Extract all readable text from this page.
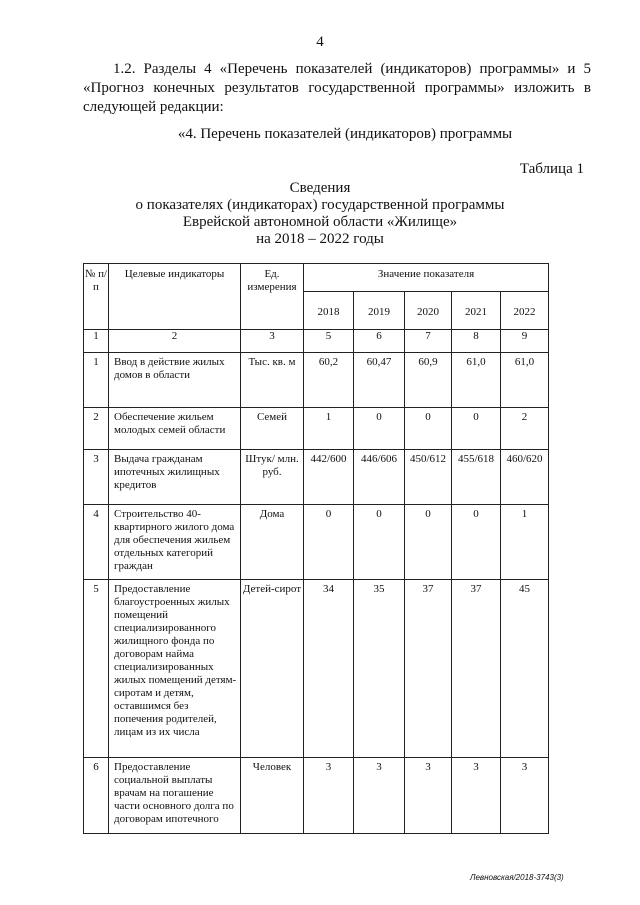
4
1.2. Разделы 4 «Перечень показателей (индикаторов) программы» и 5 «Прогноз конечных результатов государственной программы» изложить в следующей редакции:
«4. Перечень показателей (индикаторов) программы
Таблица 1
Сведения
о показателях (индикаторах) государственной программы
Еврейской автономной области «Жилище»
на 2018 – 2022 годы
№ п/п	Целевые индикаторы	Ед. измерения	Значение показателя				
			2018	2019	2020	2021	2022
1	2	3	5	6	7	8	9
1	Ввод в действие жилых домов в области	Тыс. кв. м	60,2	60,47	60,9	61,0	61,0
2	Обеспечение жильем молодых семей области	Семей	1	0	0	0	2
3	Выдача гражданам ипотечных жилищных кредитов	Штук/ млн. руб.	442/600	446/606	450/612	455/618	460/620
4	Строительство 40-квартирного жилого дома для обеспечения жильем отдельных категорий граждан	Дома	0	0	0	0	1
5	Предоставление благоустроенных жилых помещений специализированного жилищного фонда по договорам найма специализированных жилых помещений детям-сиротам и детям, оставшимся без попечения родителей, лицам из их числа	Детей-сирот	34	35	37	37	45
6	Предоставление социальной выплаты врачам на погашение части основного долга по договорам ипотечного	Человек	3	3	3	3	3
Левновская/2018-3743(3)
